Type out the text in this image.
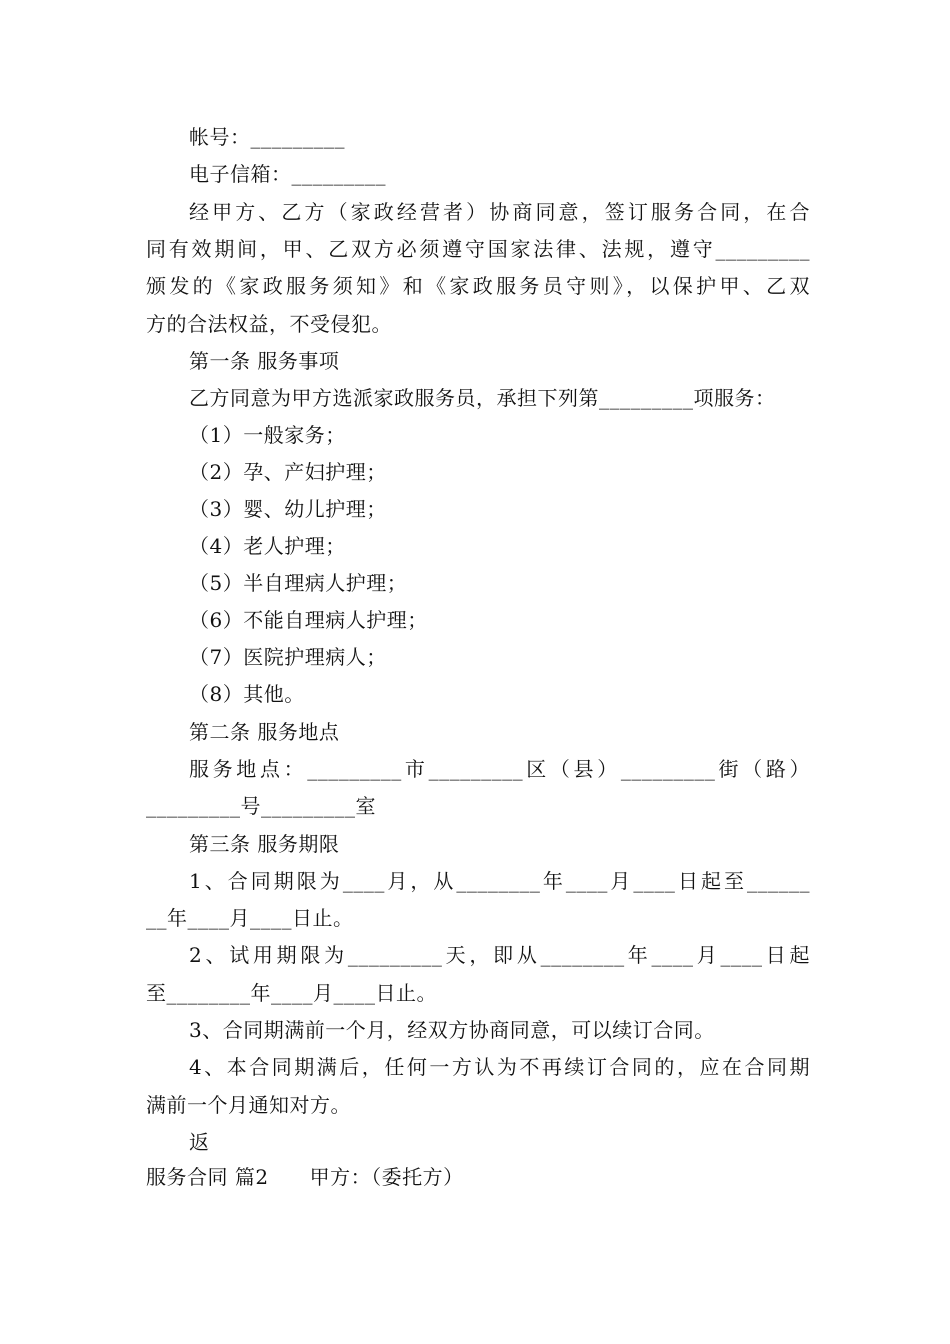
帐号：_________
电子信箱：_________
经甲方、乙方（家政经营者）协商同意，签订服务合同，在合
同有效期间，甲、乙双方必须遵守国家法律、法规，遵守_________
颁发的《家政服务须知》和《家政服务员守则》，以保护甲、乙双
方的合法权益，不受侵犯。
第一条 服务事项
乙方同意为甲方选派家政服务员，承担下列第_________项服务：
（1）一般家务；
（2）孕、产妇护理；
（3）婴、幼儿护理；
（4）老人护理；
（5）半自理病人护理；
（6）不能自理病人护理；
（7）医院护理病人；
（8）其他。
第二条 服务地点
服务地点：_________市_________区（县）_________街（路）
_________号_________室
第三条 服务期限
1、合同期限为____月，从________年____月____日起至______
__年____月____日止。
2、试用期限为_________天，即从________年____月____日起
至________年____月____日止。
3、合同期满前一个月，经双方协商同意，可以续订合同。
4、本合同期满后，任何一方认为不再续订合同的，应在合同期
满前一个月通知对方。
返
服务合同 篇2　　甲方：（委托方）
